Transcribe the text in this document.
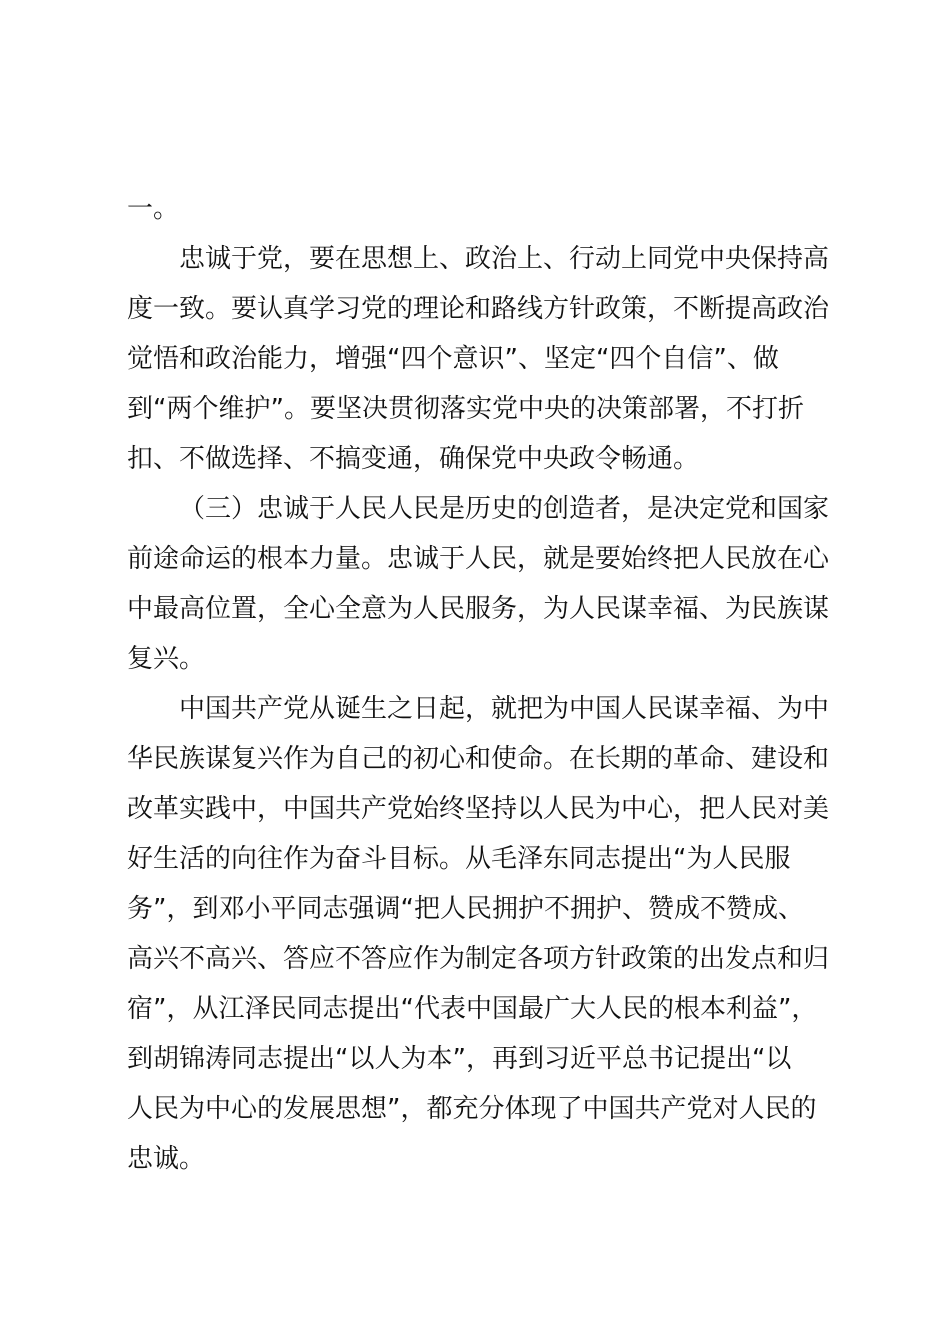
一。
忠诚于党，要在思想上、政治上、行动上同党中央保持高
度一致。要认真学习党的理论和路线方针政策，不断提高政治
觉悟和政治能力，增强“四个意识”、坚定“四个自信”、做
到“两个维护”。要坚决贯彻落实党中央的决策部署，不打折
扣、不做选择、不搞变通，确保党中央政令畅通。
（三）忠诚于人民人民是历史的创造者，是决定党和国家
前途命运的根本力量。忠诚于人民，就是要始终把人民放在心
中最高位置，全心全意为人民服务，为人民谋幸福、为民族谋
复兴。
中国共产党从诞生之日起，就把为中国人民谋幸福、为中
华民族谋复兴作为自己的初心和使命。在长期的革命、建设和
改革实践中，中国共产党始终坚持以人民为中心，把人民对美
好生活的向往作为奋斗目标。从毛泽东同志提出“为人民服
务”，到邓小平同志强调“把人民拥护不拥护、赞成不赞成、
高兴不高兴、答应不答应作为制定各项方针政策的出发点和归
宿”，从江泽民同志提出“代表中国最广大人民的根本利益”，
到胡锦涛同志提出“以人为本”，再到习近平总书记提出“以
人民为中心的发展思想”，都充分体现了中国共产党对人民的
忠诚。
